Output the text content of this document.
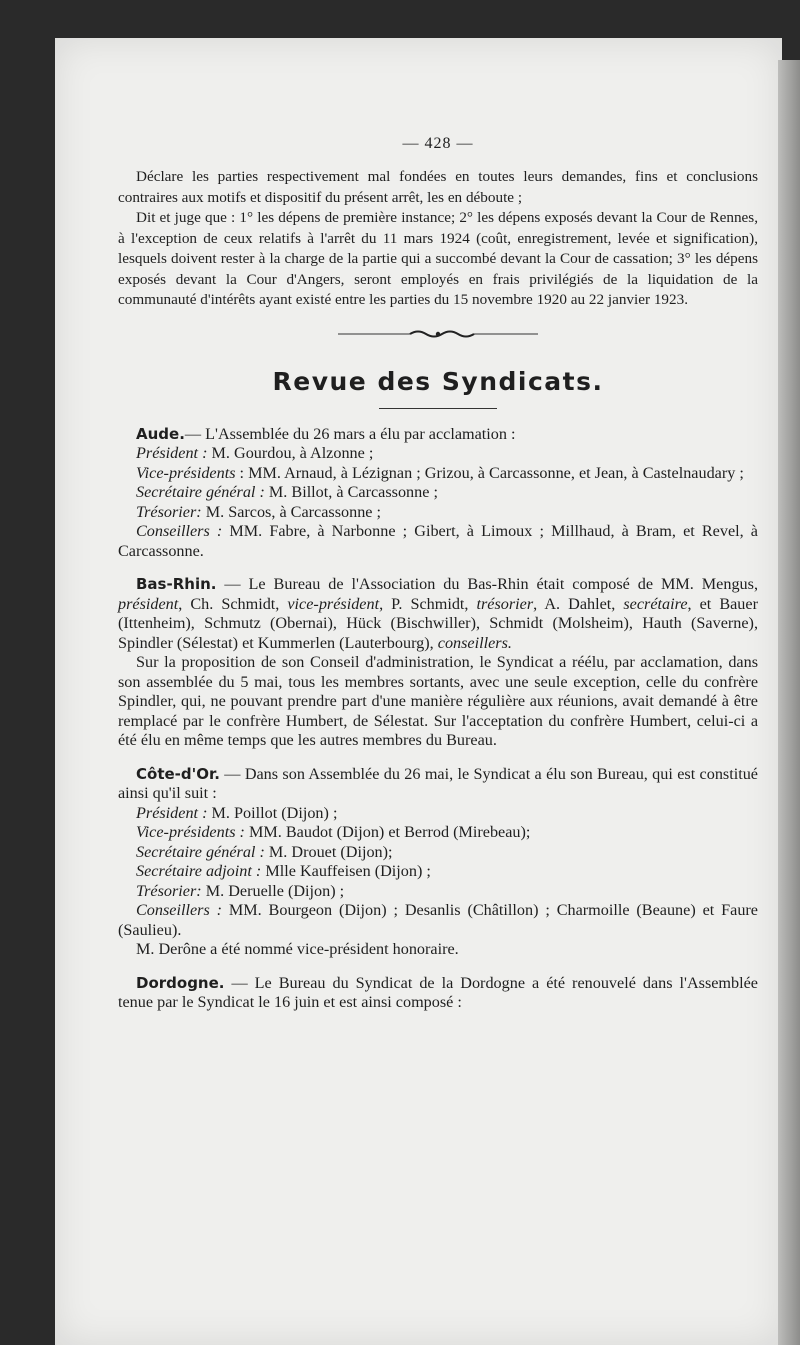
— 428 —

Déclare les parties respectivement mal fondées en toutes leurs demandes, fins et conclusions contraires aux motifs et dispositif du présent arrêt, les en déboute ;

Dit et juge que : 1° les dépens de première instance; 2° les dépens exposés devant la Cour de Rennes, à l'exception de ceux relatifs à l'arrêt du 11 mars 1924 (coût, enregistrement, levée et signification), lesquels doivent rester à la charge de la partie qui a succombé devant la Cour de cassation; 3° les dépens exposés devant la Cour d'Angers, seront employés en frais privilégiés de la liquidation de la communauté d'intérêts ayant existé entre les parties du 15 novembre 1920 au 22 janvier 1923.

Revue des Syndicats.

Aude.— L'Assemblée du 26 mars a élu par acclamation :

Président : M. Gourdou, à Alzonne ;

Vice-présidents : MM. Arnaud, à Lézignan ; Grizou, à Carcassonne, et Jean, à Castelnaudary ;

Secrétaire général : M. Billot, à Carcassonne ;

Trésorier: M. Sarcos, à Carcassonne ;

Conseillers : MM. Fabre, à Narbonne ; Gibert, à Limoux ; Millhaud, à Bram, et Revel, à Carcassonne.

Bas-Rhin. — Le Bureau de l'Association du Bas-Rhin était composé de MM. Mengus, président, Ch. Schmidt, vice-président, P. Schmidt, trésorier, A. Dahlet, secrétaire, et Bauer (Ittenheim), Schmutz (Obernai), Hück (Bischwiller), Schmidt (Molsheim), Hauth (Saverne), Spindler (Sélestat) et Kummerlen (Lauterbourg), conseillers.

Sur la proposition de son Conseil d'administration, le Syndicat a réélu, par acclamation, dans son assemblée du 5 mai, tous les membres sortants, avec une seule exception, celle du confrère Spindler, qui, ne pouvant prendre part d'une manière régulière aux réunions, avait demandé à être remplacé par le confrère Humbert, de Sélestat. Sur l'acceptation du confrère Humbert, celui-ci a été élu en même temps que les autres membres du Bureau.

Côte-d'Or. — Dans son Assemblée du 26 mai, le Syndicat a élu son Bureau, qui est constitué ainsi qu'il suit :

Président : M. Poillot (Dijon) ;

Vice-présidents : MM. Baudot (Dijon) et Berrod (Mirebeau);

Secrétaire général : M. Drouet (Dijon);

Secrétaire adjoint : Mlle Kauffeisen (Dijon) ;

Trésorier: M. Deruelle (Dijon) ;

Conseillers : MM. Bourgeon (Dijon) ; Desanlis (Châtillon) ; Charmoille (Beaune) et Faure (Saulieu).

M. Derône a été nommé vice-président honoraire.

Dordogne. — Le Bureau du Syndicat de la Dordogne a été renouvelé dans l'Assemblée tenue par le Syndicat le 16 juin et est ainsi composé :
